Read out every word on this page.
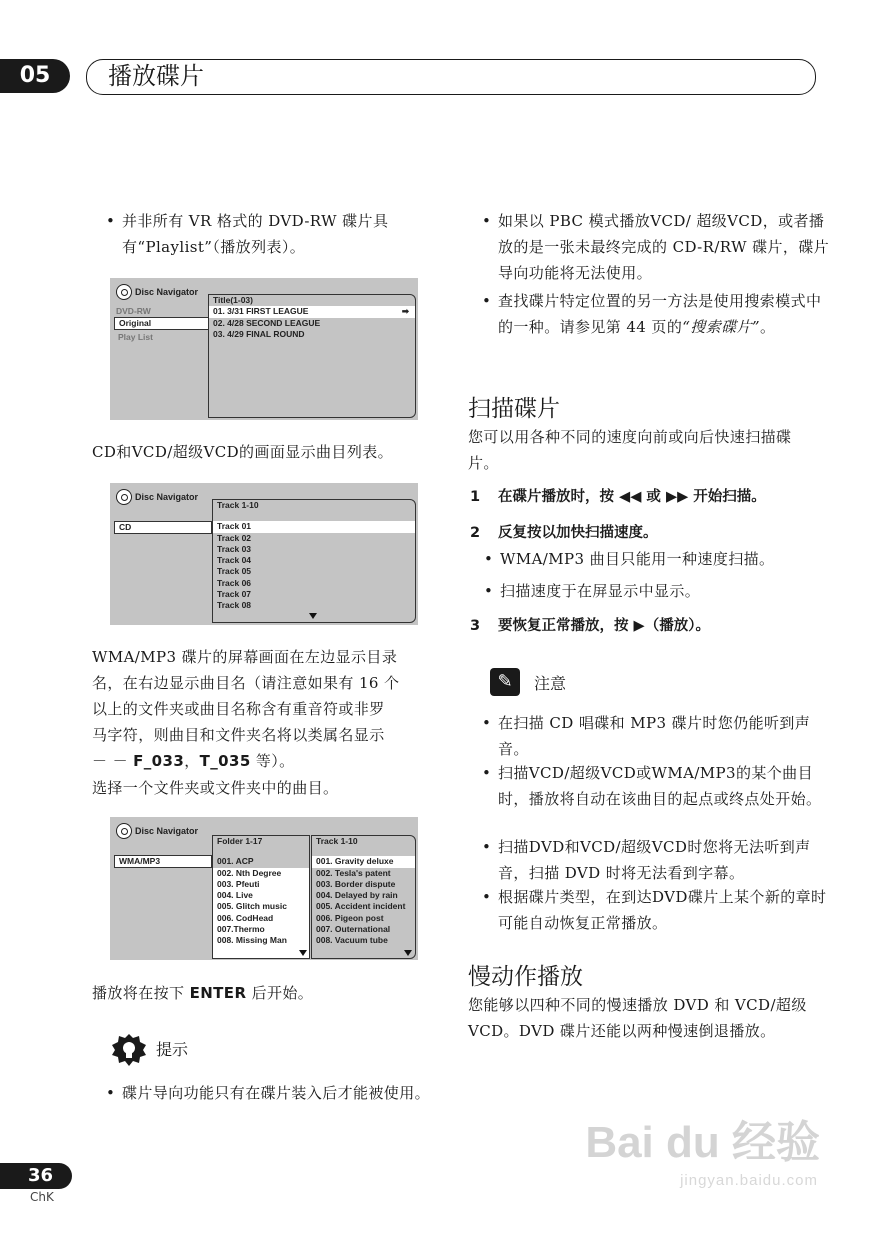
05	播放碟片
• 并非所有 VR 格式的 DVD-RW 碟片具有“Playlist”（播放列表）。
Disc Navigator
DVD-RW
Original
Play List
Title(1-03)
01. 3/31 FIRST LEAGUE	➡
02. 4/28 SECOND LEAGUE
03. 4/29 FINAL ROUND
CD和VCD/超级VCD的画面显示曲目列表。
Disc Navigator
CD
Track 1-10
Track 01
Track 02
Track 03
Track 04
Track 05
Track 06
Track 07
Track 08
WMA/MP3 碟片的屏幕画面在左边显示目录
名，在右边显示曲目名（请注意如果有 16 个
以上的文件夹或曲目名称含有重音符或非罗
马字符，则曲目和文件夹名将以类属名显示
－ － F_033，T_035 等）。
选择一个文件夹或文件夹中的曲目。
Disc Navigator
WMA/MP3
Folder 1-17
001. ACP
002. Nth Degree
003. Pfeuti
004. Live
005. Glitch music
006. CodHead
007.Thermo
008. Missing Man
Track 1-10
001. Gravity deluxe
002. Tesla's patent
003. Border dispute
004. Delayed by rain
005. Accident incident
006. Pigeon post
007. Outernational
008. Vacuum tube
播放将在按下 ENTER 后开始。
提示
• 碟片导向功能只有在碟片装入后才能被使用。
• 如果以 PBC 模式播放VCD/ 超级VCD，或者播放的是一张未最终完成的 CD-R/RW 碟片，碟片导向功能将无法使用。
• 查找碟片特定位置的另一方法是使用搜索模式中的一种。请参见第 44 页的“搜索碟片”。
扫描碟片
您可以用各种不同的速度向前或向后快速扫描碟片。
1 在碟片播放时，按 ◀◀ 或 ▶▶ 开始扫描。
2 反复按以加快扫描速度。
• WMA/MP3 曲目只能用一种速度扫描。
• 扫描速度于在屏显示中显示。
3 要恢复正常播放，按 ▶（播放）。
✎	注意
• 在扫描 CD 唱碟和 MP3 碟片时您仍能听到声音。
• 扫描VCD/超级VCD或WMA/MP3的某个曲目时，播放将自动在该曲目的起点或终点处开始。
• 扫描DVD和VCD/超级VCD时您将无法听到声音，扫描 DVD 时将无法看到字幕。
• 根据碟片类型，在到达DVD碟片上某个新的章时可能自动恢复正常播放。
慢动作播放
您能够以四种不同的慢速播放 DVD 和 VCD/超级 VCD。DVD 碟片还能以两种慢速倒退播放。
36
ChK
Bai du 经验
jingyan.baidu.com
